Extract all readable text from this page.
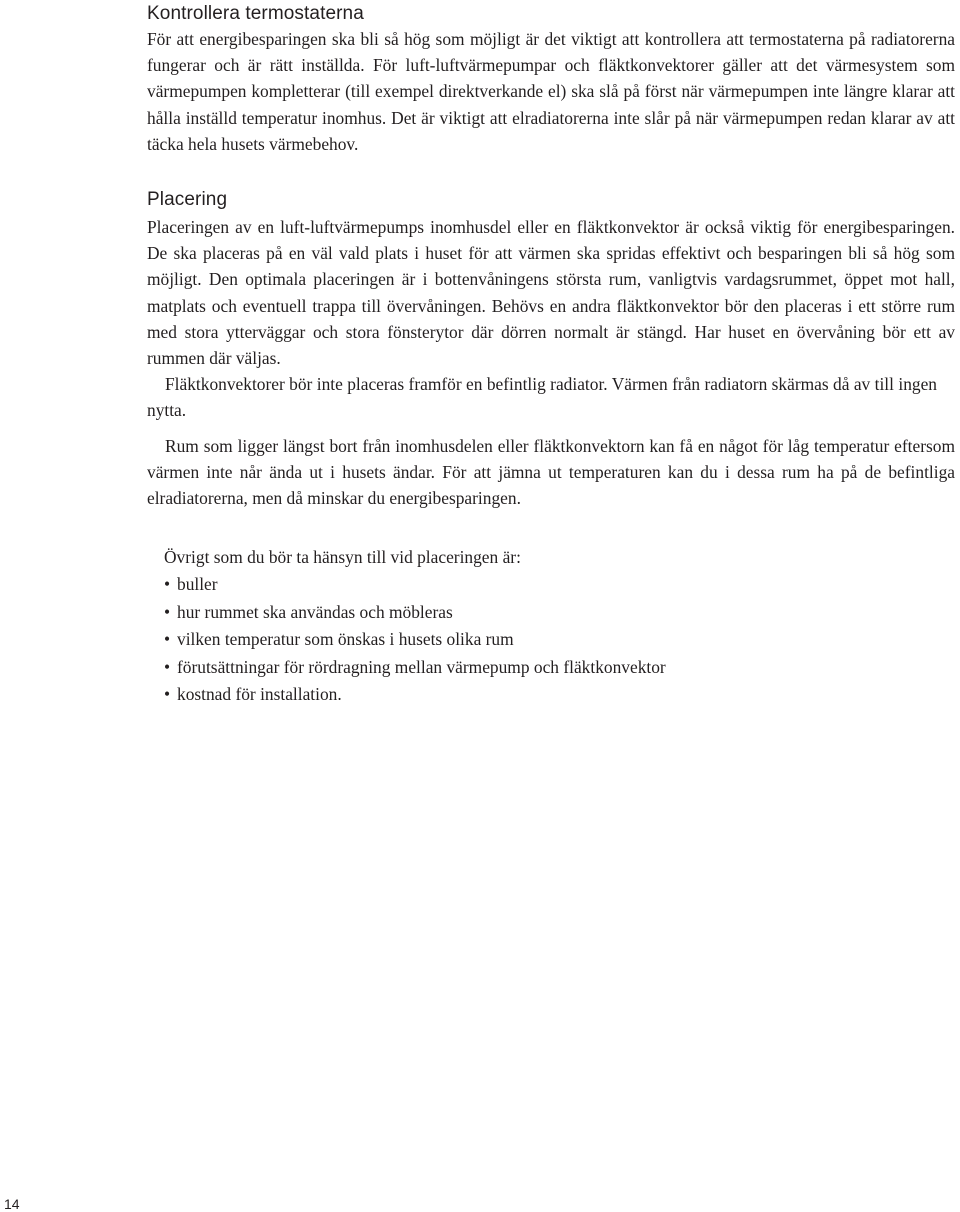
Kontrollera termostaterna

För att energibesparingen ska bli så hög som möjligt är det viktigt att kontrollera att termostaterna på radiatorerna fungerar och är rätt inställda. För luft-luftvärmepumpar och fläktkonvektorer gäller att det värmesystem som värmepumpen kompletterar (till exempel direktverkande el) ska slå på först när värmepumpen inte längre klarar att hålla inställd temperatur inomhus. Det är viktigt att elradiatorerna inte slår på när värmepumpen redan klarar av att täcka hela husets värmebehov.

Placering

Placeringen av en luft-luftvärmepumps inomhusdel eller en fläktkonvektor är också viktig för energibesparingen. De ska placeras på en väl vald plats i huset för att värmen ska spridas effektivt och besparingen bli så hög som möjligt. Den optimala placeringen är i bottenvåningens största rum, vanligtvis vardagsrummet, öppet mot hall, matplats och eventuell trappa till övervåningen. Behövs en andra fläktkonvektor bör den placeras i ett större rum med stora ytterväggar och stora fönsterytor där dörren normalt är stängd. Har huset en övervåning bör ett av rummen där väljas.

Fläktkonvektorer bör inte placeras framför en befintlig radiator. Värmen från radiatorn skärmas då av till ingen nytta.

Rum som ligger längst bort från inomhusdelen eller fläktkonvektorn kan få en något för låg temperatur eftersom värmen inte når ända ut i husets ändar. För att jämna ut temperaturen kan du i dessa rum ha på de befintliga elradiatorerna, men då minskar du energibesparingen.

Övrigt som du bör ta hänsyn till vid placeringen är:

• buller
• hur rummet ska användas och möbleras
• vilken temperatur som önskas i husets olika rum
• förutsättningar för rördragning mellan värmepump och fläktkonvektor
• kostnad för installation.
14
